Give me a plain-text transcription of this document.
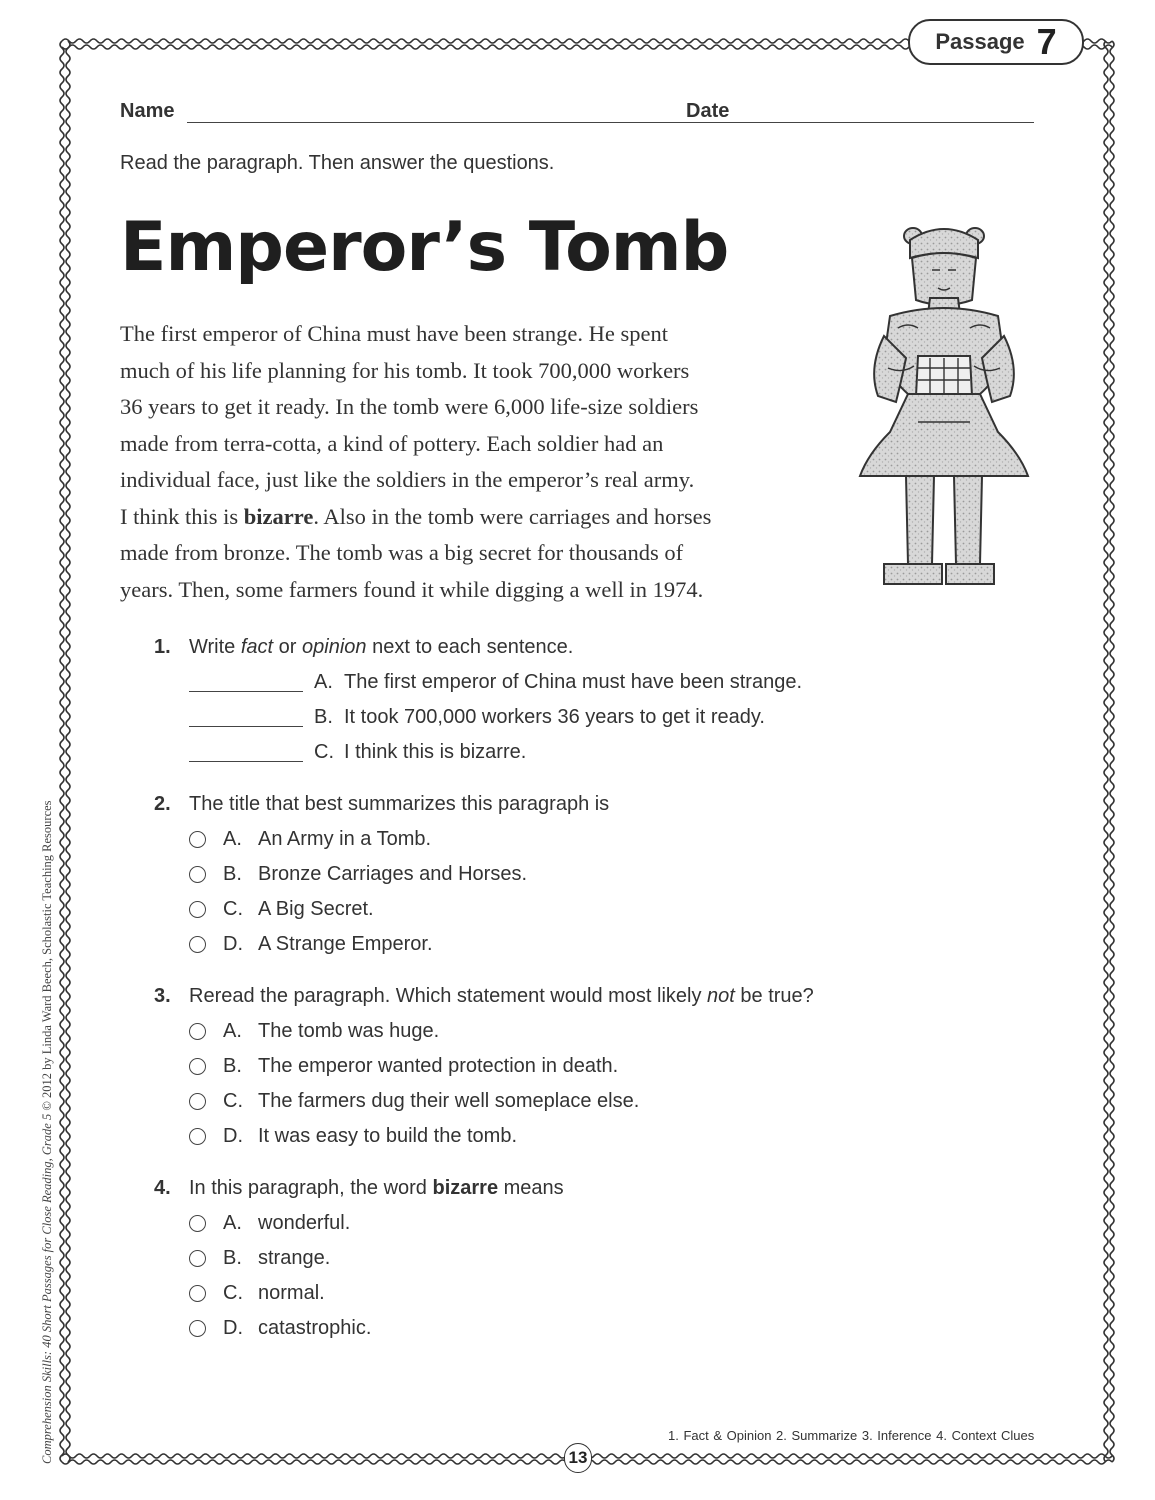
Passage 7
Name	Date
Read the paragraph. Then answer the questions.
Emperor’s Tomb
The first emperor of China must have been strange. He spent
much of his life planning for his tomb. It took 700,000 workers
36 years to get it ready. In the tomb were 6,000 life-size soldiers
made from terra-cotta, a kind of pottery. Each soldier had an
individual face, just like the soldiers in the emperor’s real army.
I think this is bizarre. Also in the tomb were carriages and horses
made from bronze. The tomb was a big secret for thousands of
years. Then, some farmers found it while digging a well in 1974.
1. Write fact or opinion next to each sentence.
A. The first emperor of China must have been strange.
B. It took 700,000 workers 36 years to get it ready.
C. I think this is bizarre.
2. The title that best summarizes this paragraph is
A. An Army in a Tomb.
B. Bronze Carriages and Horses.
C. A Big Secret.
D. A Strange Emperor.
3. Reread the paragraph. Which statement would most likely not be true?
A. The tomb was huge.
B. The emperor wanted protection in death.
C. The farmers dug their well someplace else.
D. It was easy to build the tomb.
4. In this paragraph, the word bizarre means
A. wonderful.
B. strange.
C. normal.
D. catastrophic.
1. Fact & Opinion 2. Summarize 3. Inference 4. Context Clues
13
Comprehension Skills: 40 Short Passages for Close Reading, Grade 5 © 2012 by Linda Ward Beech, Scholastic Teaching Resources
